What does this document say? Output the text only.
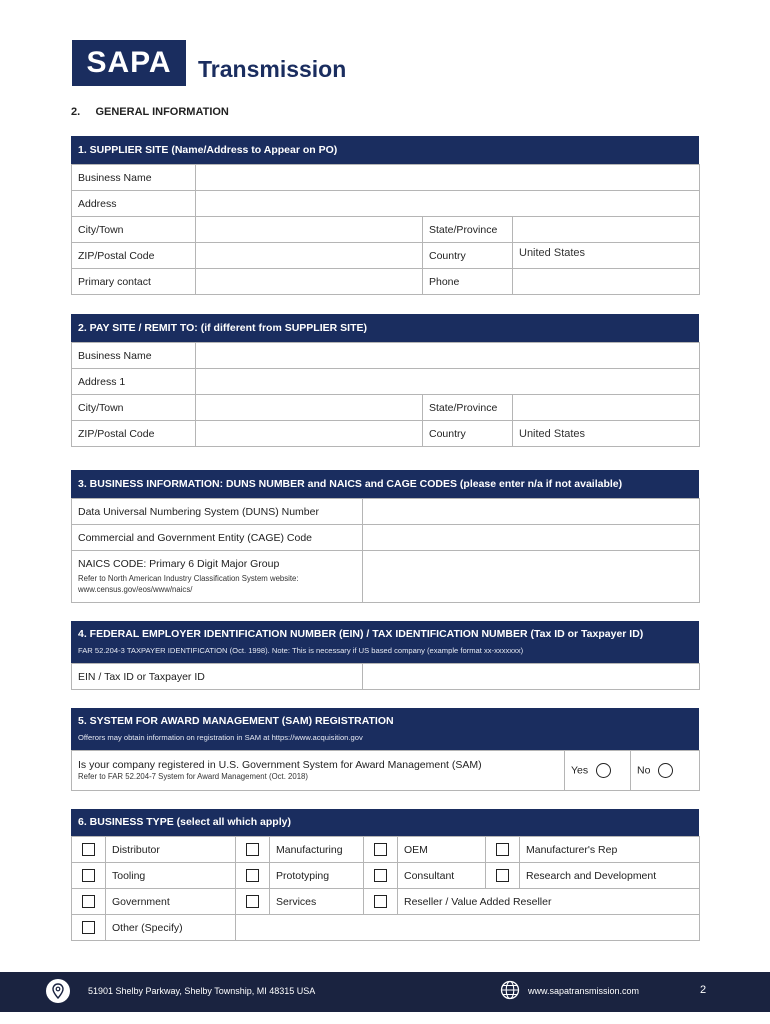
SAPA	Transmission
2.     GENERAL INFORMATION
1. SUPPLIER SITE (Name/Address to Appear on PO)
Business Name			
Address			
City/Town		State/Province	
ZIP/Postal Code		Country	United States
Primary contact		Phone	
2. PAY SITE / REMIT TO: (if different from SUPPLIER SITE)
Business Name			
Address 1			
City/Town		State/Province	
ZIP/Postal Code		Country	United States
3. BUSINESS INFORMATION: DUNS NUMBER and NAICS and CAGE CODES (please enter n/a if not available)
Data Universal Numbering System (DUNS) Number	
Commercial and Government Entity (CAGE) Code	

NAICS CODE: Primary 6 Digit Major Group
Refer to North American Industry Classification System website:
www.census.gov/eos/www/naics/	

4. FEDERAL EMPLOYER IDENTIFICATION NUMBER (EIN) / TAX IDENTIFICATION NUMBER (Tax ID or Taxpayer ID)
FAR 52.204-3 TAXPAYER IDENTIFICATION (Oct. 1998). Note: This is necessary if US based company (example format xx-xxxxxxx)
EIN / Tax ID or Taxpayer ID	
5. SYSTEM FOR AWARD MANAGEMENT (SAM) REGISTRATION
Offerors may obtain information on registration in SAM at https://www.acquisition.gov
Is your company registered in U.S. Government System for Award Management (SAM)
Refer to FAR 52.204-7 System for Award Management (Oct. 2018)
	Yes	No
6. BUSINESS TYPE (select all which apply)
	Distributor		Manufacturing		OEM		Manufacturer's Rep
	Tooling		Prototyping		Consultant		Research and Development
	Government		Services		Reseller / Value Added Reseller		
	Other (Specify)						
51901 Shelby Parkway, Shelby Township, MI 48315 USA	www.sapatransmission.com	2
